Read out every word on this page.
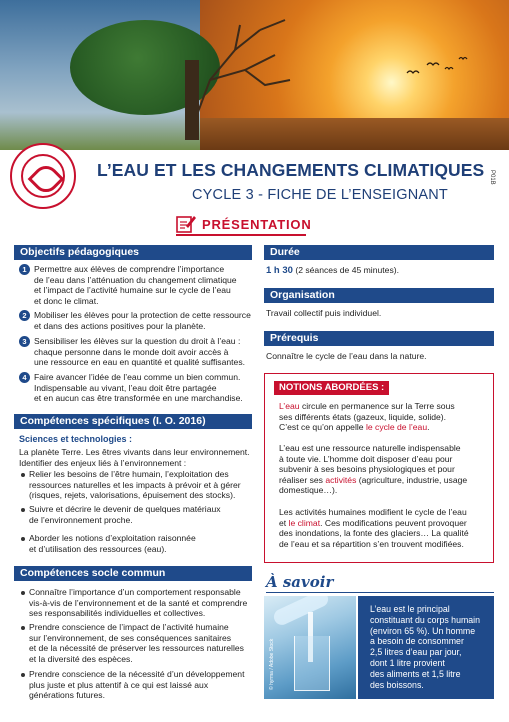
L’EAU ET LES CHANGEMENTS CLIMATIQUES
CYCLE 3 - FICHE DE L’ENSEIGNANT
P01B
PRÉSENTATION
Objectifs pédagogiques
1 Permettre aux élèves de comprendre l’importance
de l’eau dans l’atténuation du changement climatique
et l’impact de l’activité humaine sur le cycle de l’eau
et donc le climat.
2 Mobiliser les élèves pour la protection de cette ressource
et dans des actions positives pour la planète.
3 Sensibiliser les élèves sur la question du droit à l’eau :
chaque personne dans le monde doit avoir accès à
une ressource en eau en quantité et qualité suffisantes.
4 Faire avancer l’idée de l’eau comme un bien commun.
Indispensable au vivant, l’eau doit être partagée
et en aucun cas être transformée en une marchandise.
Compétences spécifiques (I. O. 2016)
Sciences et technologies :
La planète Terre. Les êtres vivants dans leur environnement.
Identifier des enjeux liés à l’environnement :
Relier les besoins de l’être humain, l’exploitation des
ressources naturelles et les impacts à prévoir et à gérer
(risques, rejets, valorisations, épuisement des stocks).
Suivre et décrire le devenir de quelques matériaux
de l’environnement proche.
Aborder les notions d’exploitation raisonnée
et d’utilisation des ressources (eau).
Compétences socle commun
Connaître l’importance d’un comportement responsable
vis-à-vis de l’environnement et de la santé et comprendre
ses responsabilités individuelles et collectives.
Prendre conscience de l’impact de l’activité humaine
sur l’environnement, de ses conséquences sanitaires
et de la nécessité de préserver les ressources naturelles
et la diversité des espèces.
Prendre conscience de la nécessité d’un développement
plus juste et plus attentif à ce qui est laissé aux
générations futures.
Durée
1 h 30 (2 séances de 45 minutes).
Organisation
Travail collectif puis individuel.
Prérequis
Connaître le cycle de l’eau dans la nature.
NOTIONS ABORDÉES :
L’eau circule en permanence sur la Terre sous
ses différents états (gazeux, liquide, solide).
C’est ce qu’on appelle le cycle de l’eau.
L’eau est une ressource naturelle indispensable
à toute vie. L’homme doit disposer d’eau pour
subvenir à ses besoins physiologiques et pour
réaliser ses activités (agriculture, industrie, usage
domestique…).
Les activités humaines modifient le cycle de l’eau
et le climat. Ces modifications peuvent provoquer
des inondations, la fonte des glaciers… La qualité
de l’eau et sa répartition s’en trouvent modifiées.
À savoir
© hyrma / Adobe Stock
L’eau est le principal
constituant du corps humain
(environ 65 %). Un homme
a besoin de consommer
2,5 litres d’eau par jour,
dont 1 litre provient
des aliments et 1,5 litre
des boissons.
